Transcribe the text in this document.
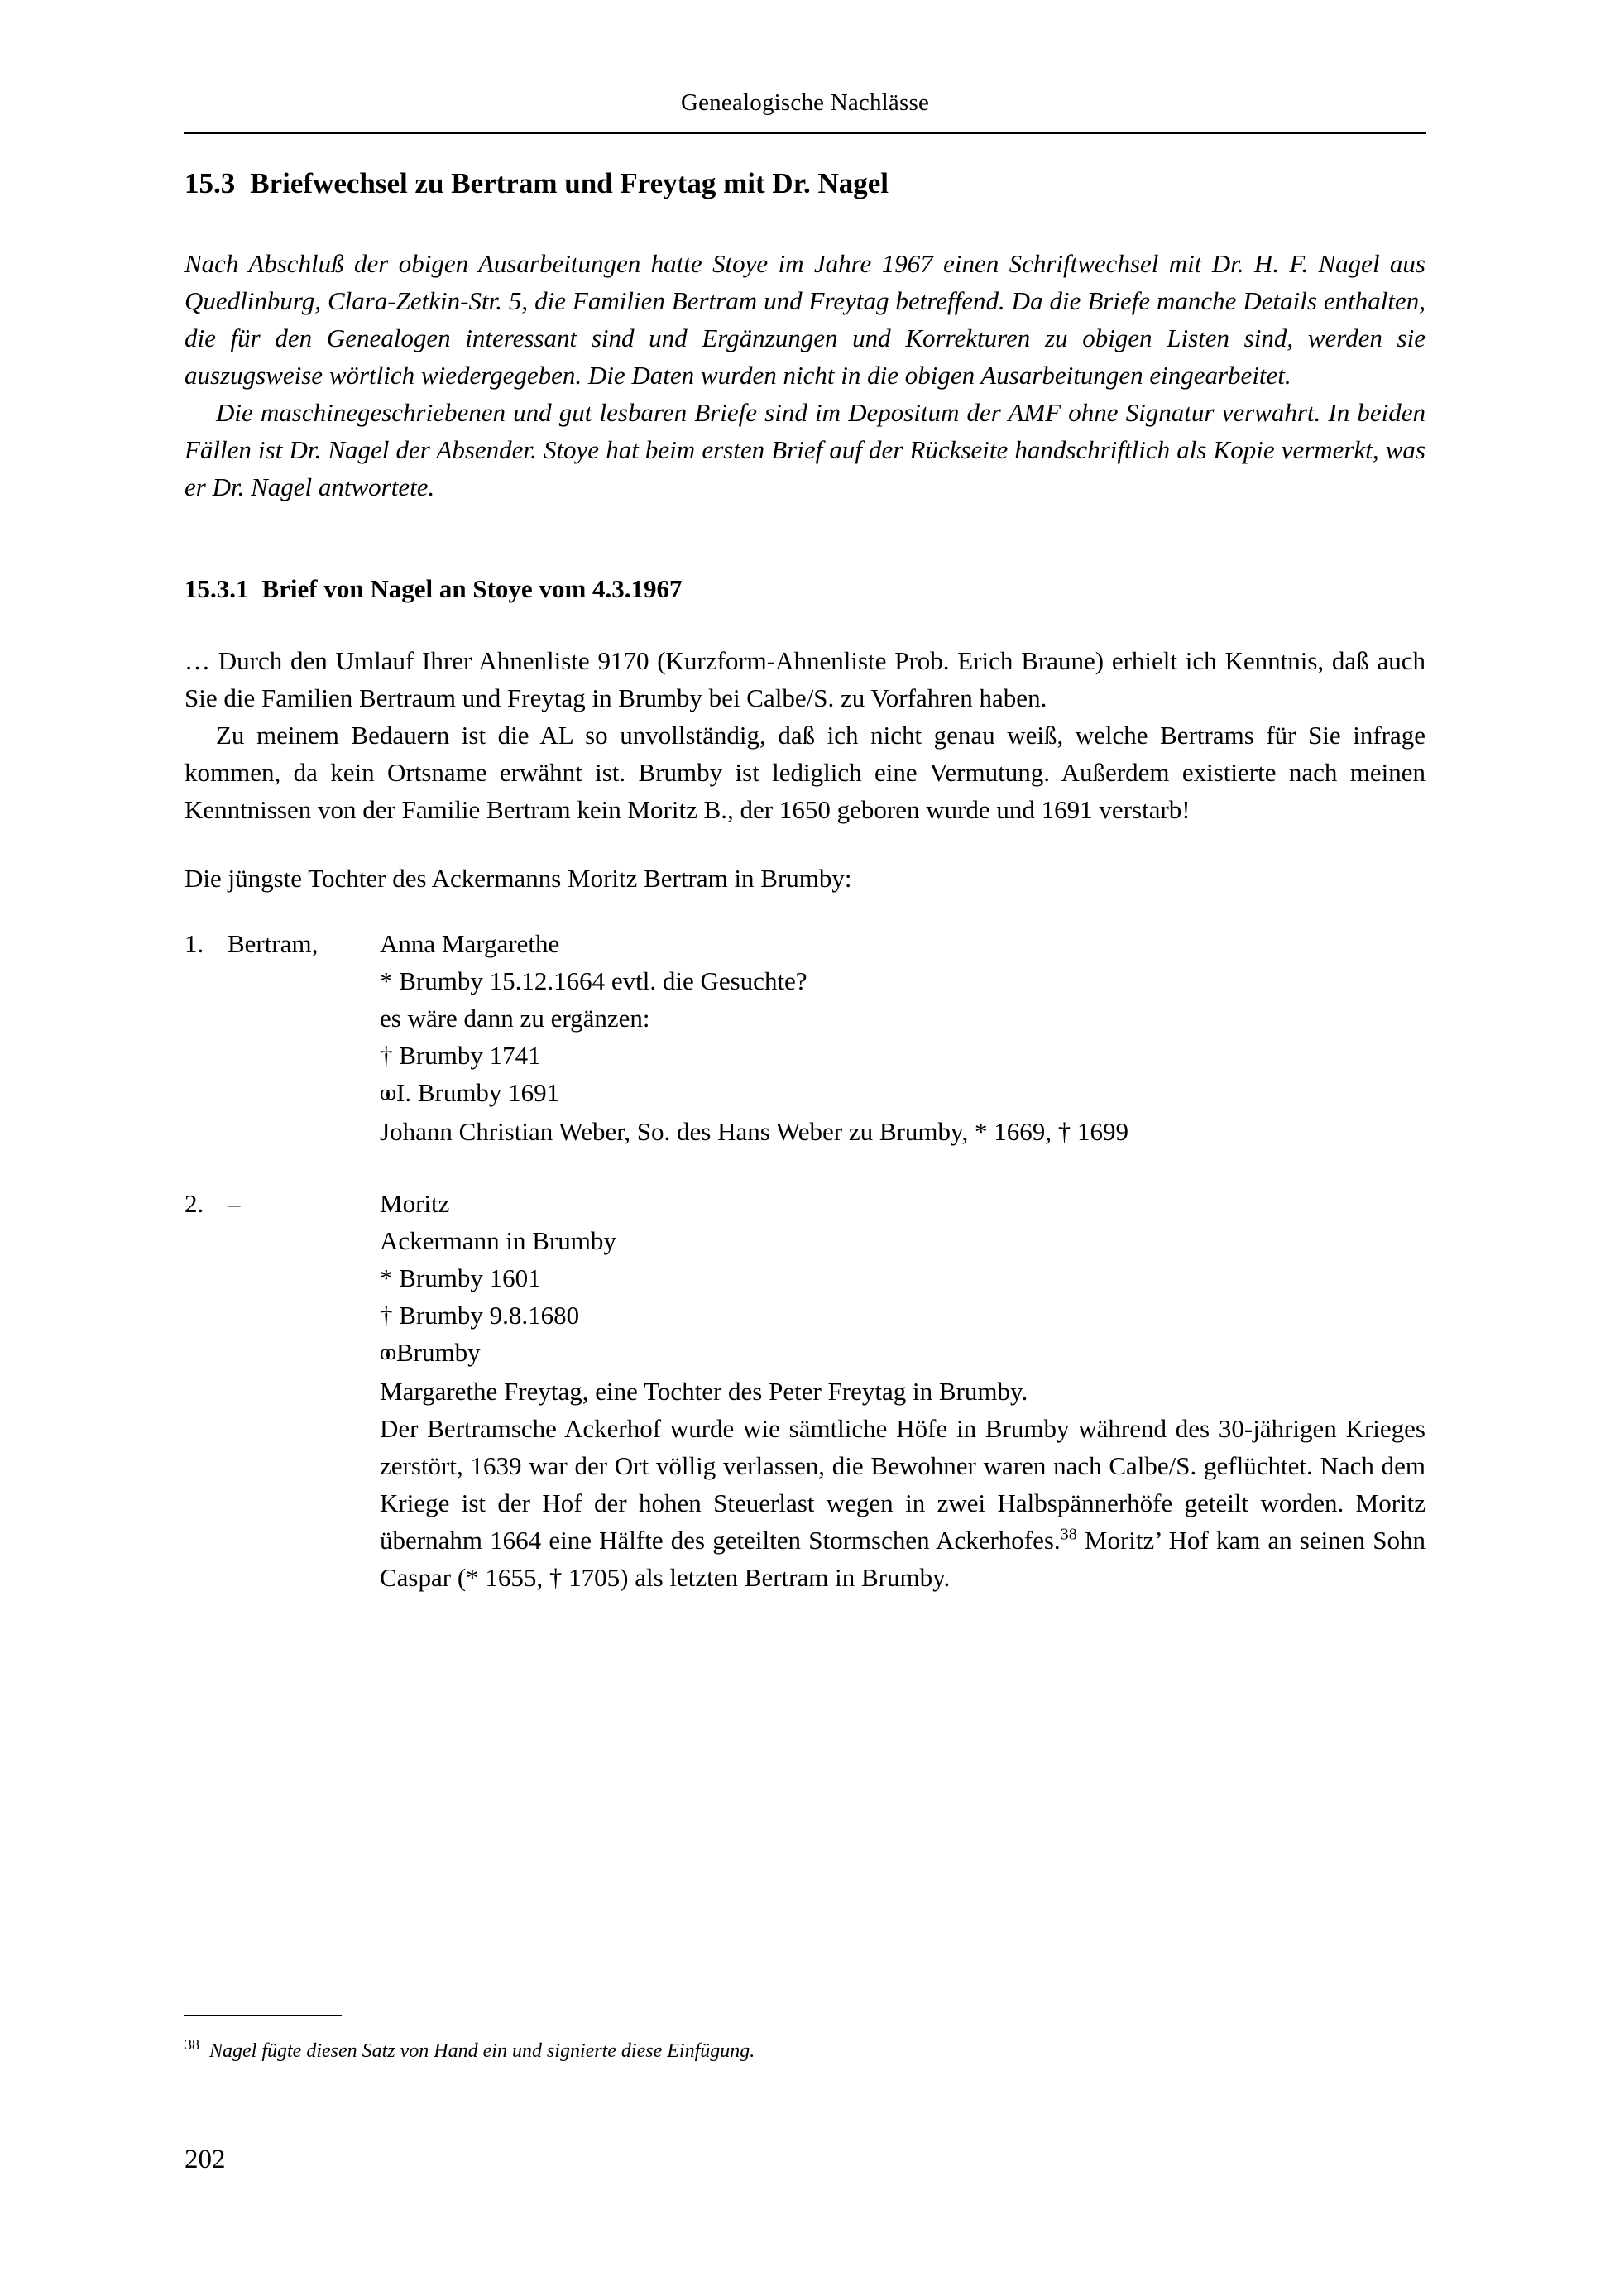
Genealogische Nachlässe
15.3 Briefwechsel zu Bertram und Freytag mit Dr. Nagel

Nach Abschluß der obigen Ausarbeitungen hatte Stoye im Jahre 1967 einen Schriftwechsel mit Dr. H. F. Nagel aus Quedlinburg, Clara-Zetkin-Str. 5, die Familien Bertram und Freytag betreffend. Da die Briefe manche Details enthalten, die für den Genealogen interessant sind und Ergänzungen und Korrekturen zu obigen Listen sind, werden sie auszugsweise wörtlich wiedergegeben. Die Daten wurden nicht in die obigen Ausarbeitungen eingearbeitet.

Die maschinegeschriebenen und gut lesbaren Briefe sind im Depositum der AMF ohne Signatur verwahrt. In beiden Fällen ist Dr. Nagel der Absender. Stoye hat beim ersten Brief auf der Rückseite handschriftlich als Kopie vermerkt, was er Dr. Nagel antwortete.

15.3.1 Brief von Nagel an Stoye vom 4.3.1967

… Durch den Umlauf Ihrer Ahnenliste 9170 (Kurzform-Ahnenliste Prob. Erich Braune) erhielt ich Kenntnis, daß auch Sie die Familien Bertraum und Freytag in Brumby bei Calbe/S. zu Vorfahren haben.

Zu meinem Bedauern ist die AL so unvollständig, daß ich nicht genau weiß, welche Bertrams für Sie infrage kommen, da kein Ortsname erwähnt ist. Brumby ist lediglich eine Vermutung. Außerdem existierte nach meinen Kenntnissen von der Familie Bertram kein Moritz B., der 1650 geboren wurde und 1691 verstarb!

Die jüngste Tochter des Ackermanns Moritz Bertram in Brumby:

1. Bertram,	Anna Margarethe
* Brumby 15.12.1664 evtl. die Gesuchte?
es wäre dann zu ergänzen:
† Brumby 1741
oo I. Brumby 1691
Johann Christian Weber, So. des Hans Weber zu Brumby, * 1669, † 1699
2. –	Moritz
Ackermann in Brumby
* Brumby 1601
† Brumby 9.8.1680
oo Brumby
Margarethe Freytag, eine Tochter des Peter Freytag in Brumby.
Der Bertramsche Ackerhof wurde wie sämtliche Höfe in Brumby während des 30-jährigen Krieges zerstört, 1639 war der Ort völlig verlassen, die Bewohner waren nach Calbe/S. geflüchtet. Nach dem Kriege ist der Hof der hohen Steuerlast wegen in zwei Halbspännerhöfe geteilt worden. Moritz übernahm 1664 eine Hälfte des geteilten Stormschen Ackerhofes.$^{38}$ Moritz’ Hof kam an seinen Sohn Caspar (* 1655, † 1705) als letzten Bertram in Brumby.
$^{38}$ Nagel fügte diesen Satz von Hand ein und signierte diese Einfügung.
202
